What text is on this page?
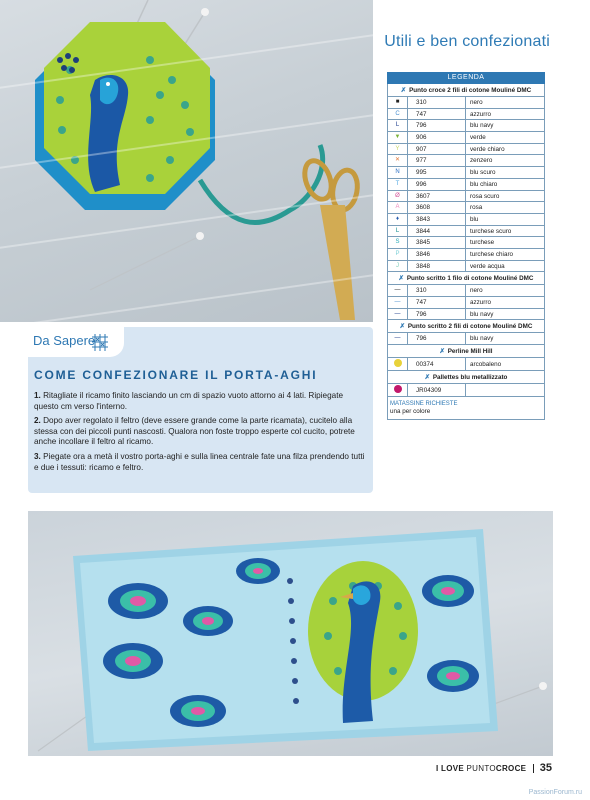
Utili e ben confezionati
LEGENDA
✗ Punto croce 2 fili di cotone Mouliné DMC
■	310	nero
C	747	azzurro
L	796	blu navy
▼	906	verde
Y	907	verde chiaro
✕	977	zenzero
N	995	blu scuro
T	996	blu chiaro
Ø	3607	rosa scuro
A	3608	rosa
♦	3843	blu
L	3844	turchese scuro
S	3845	turchese
P	3846	turchese chiaro
J	3848	verde acqua
✗ Punto scritto 1 filo di cotone Mouliné DMC
—	310	nero
—	747	azzurro
—	796	blu navy
✗ Punto scritto 2 fili di cotone Mouliné DMC
—	796	blu navy
✗ Perline Mill Hill
00374	arcobaleno
✗ Pallettes blu metallizzato
JR04309
MATASSINE RICHIESTE
una per colore
Da Sapere
COME CONFEZIONARE IL PORTA-AGHI

1. Ritagliate il ricamo finito lasciando un cm di spazio vuoto attorno ai 4 lati. Ripiegate questo cm verso l'interno.

2. Dopo aver regolato il feltro (deve essere grande come la parte ricamata), cucitelo alla stessa con dei piccoli punti nascosti. Qualora non foste troppo esperte col cucito, potrete anche incollare il feltro al ricamo.

3. Piegate ora a metà il vostro porta-aghi e sulla linea centrale fate una filza prendendo tutti e due i tessuti: ricamo e feltro.

I LOVE PUNTOCROCE 35
PassionForum.ru
